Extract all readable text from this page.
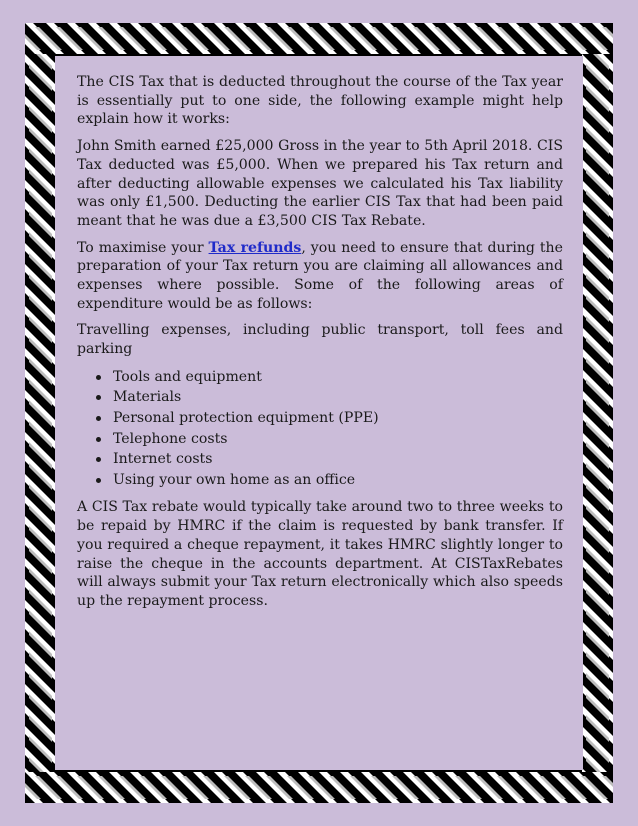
The CIS Tax that is deducted throughout the course of the Tax year is essentially put to one side, the following example might help explain how it works:

John Smith earned £25,000 Gross in the year to 5th April 2018. CIS Tax deducted was £5,000. When we prepared his Tax return and after deducting allowable expenses we calculated his Tax liability was only £1,500. Deducting the earlier CIS Tax that had been paid meant that he was due a £3,500 CIS Tax Rebate.

To maximise your Tax refunds, you need to ensure that during the preparation of your Tax return you are claiming all allowances and expenses where possible. Some of the following areas of expenditure would be as follows:

Travelling expenses, including public transport, toll fees and parking

Tools and equipment
Materials
Personal protection equipment (PPE)
Telephone costs
Internet costs
Using your own home as an office

A CIS Tax rebate would typically take around two to three weeks to be repaid by HMRC if the claim is requested by bank transfer. If you required a cheque repayment, it takes HMRC slightly longer to raise the cheque in the accounts department. At CISTaxRebates will always submit your Tax return electronically which also speeds up the repayment process.
